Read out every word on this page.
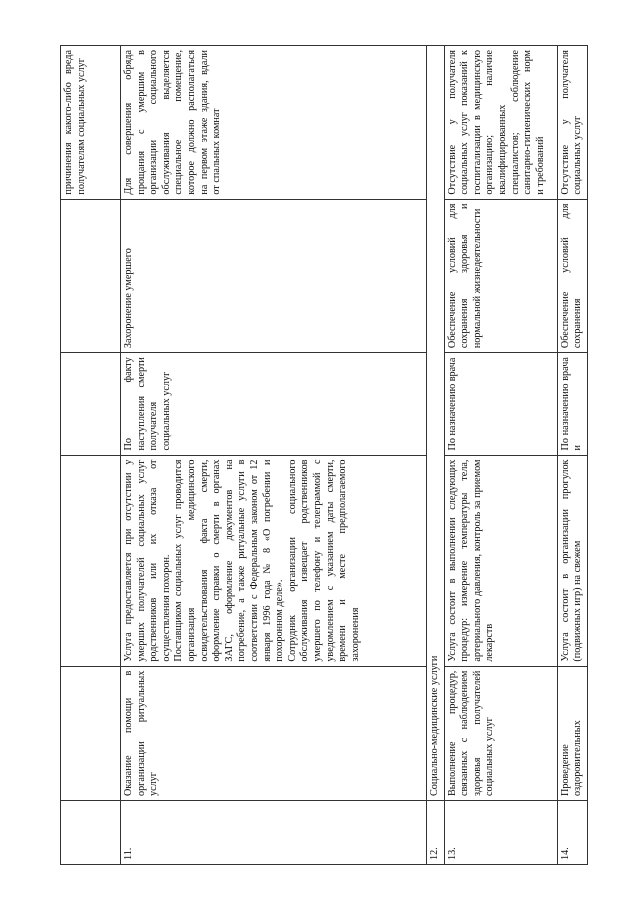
					причинения какого-либо вреда получателям социальных услуг
11.	Оказание помощи в организации ритуальных услуг	Услуга предоставляется при отсутствии у умерших получателей социальных услуг родственников или их отказа от осуществления похорон.
Поставщиком социальных услуг проводится организация медицинского освидетельствования факта смерти, оформление справки о смерти в органах ЗАГС, оформление документов на погребение, а также ритуальные услуги в соответствии с Федеральным законом от 12 января 1996 года № 8 «О погребении и похоронном деле».
Сотрудник организации социального обслуживания извещает родственников умершего по телефону и телеграммой с уведомлением с указанием даты смерти, времени и месте предполагаемого захоронения	По факту наступления смерти получателя социальных услуг	Захоронение умершего	Для совершения обряда прощания с умершим в организации социального обслуживания выделяется специальное помещение, которое должно располагаться на первом этаже здания, вдали от спальных комнат
12.	Социально-медицинские услуги				
13.	Выполнение процедур, связанных с наблюдением здоровья получателей социальных услуг	Услуга состоит в выполнении следующих процедур: измерение температуры тела, артериального давления, контроль за приемом лекарств	По назначению врача	Обеспечение условий для сохранения здоровья и нормальной жизнедеятельности	Отсутствие у получателя социальных услуг показаний к госпитализации в медицинскую организацию; наличие квалифицированных специалистов; соблюдение санитарно-гигиенических норм и требований
14.	Проведение оздоровительных	Услуга состоит в организации прогулок (подвижных игр) на свежем	По назначению врача и	Обеспечение условий для сохранения	Отсутствие у получателя социальных услуг
